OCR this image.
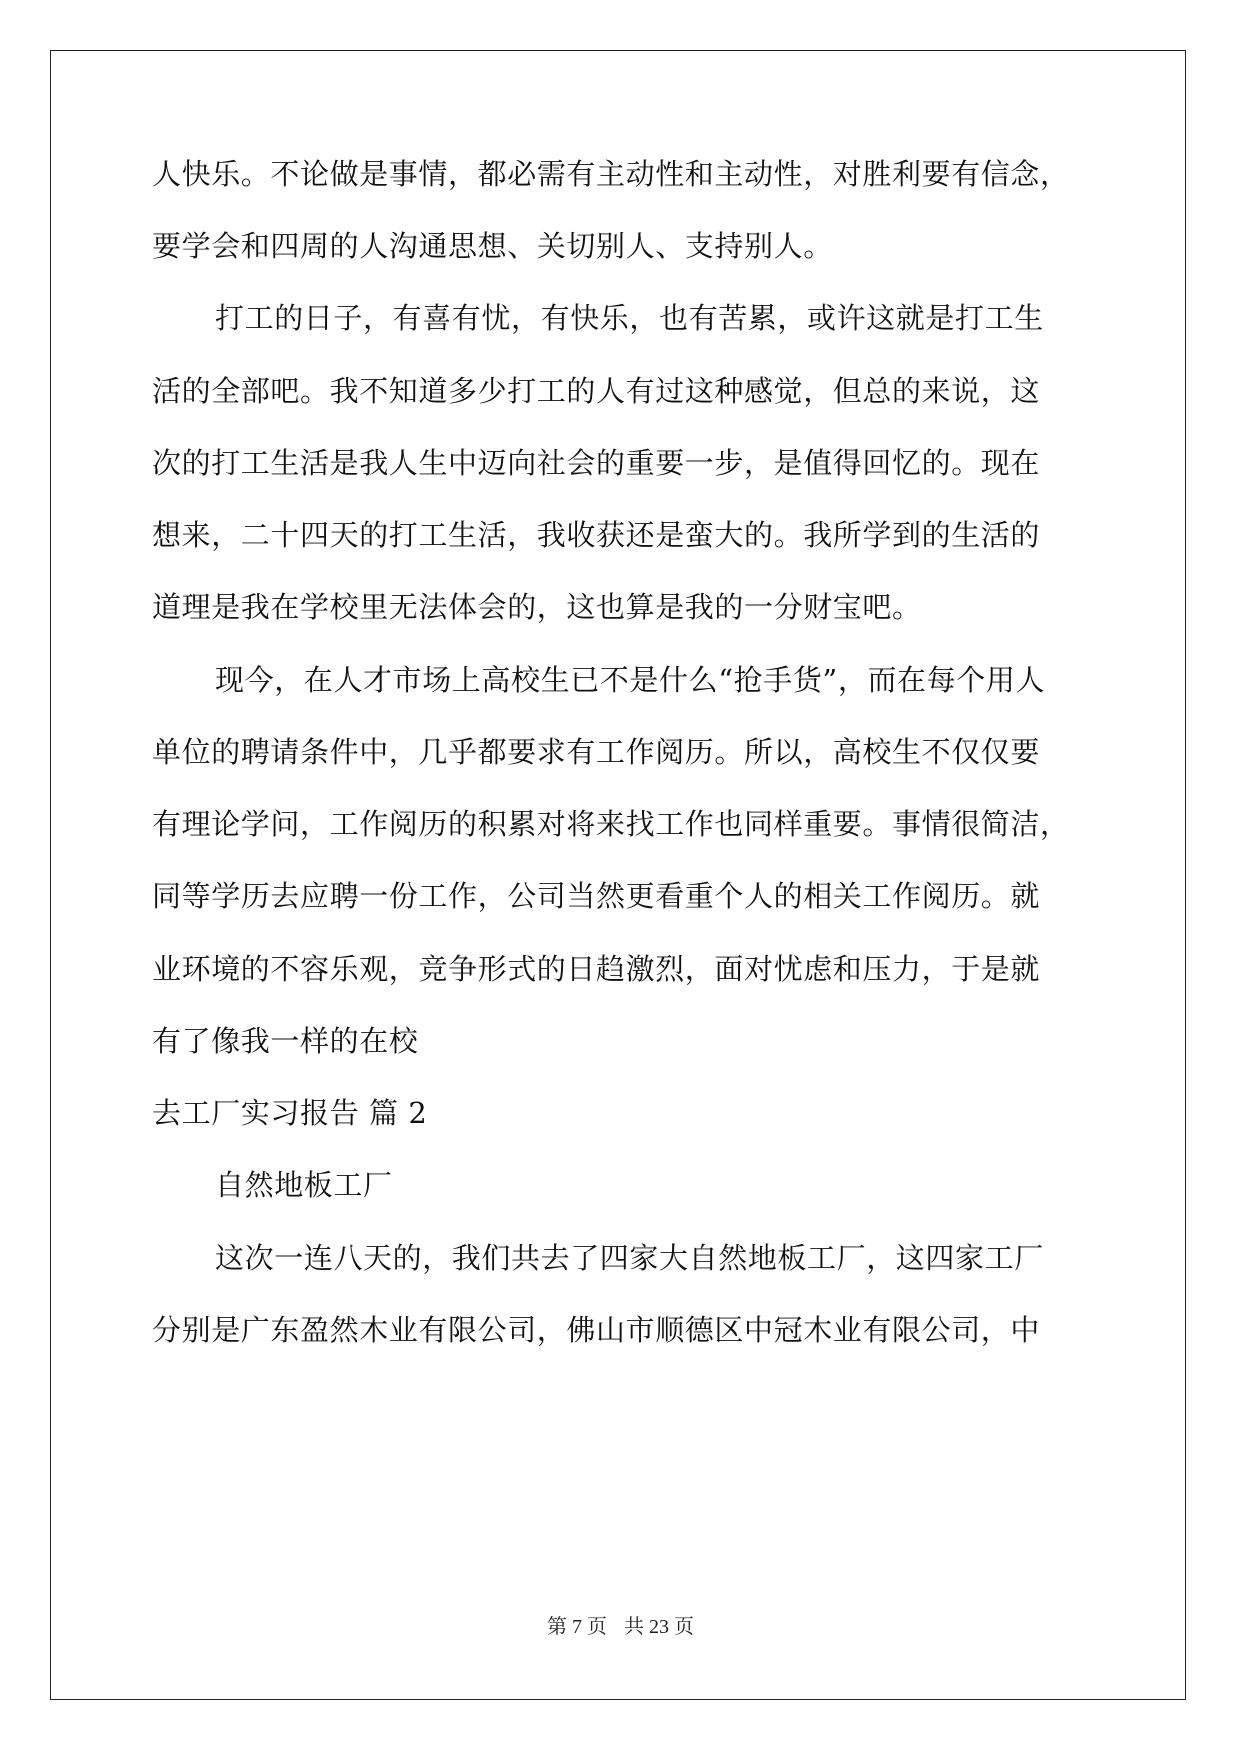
人快乐。不论做是事情，都必需有主动性和主动性，对胜利要有信念，
要学会和四周的人沟通思想、关切别人、支持别人。
打工的日子，有喜有忧，有快乐，也有苦累，或许这就是打工生
活的全部吧。我不知道多少打工的人有过这种感觉，但总的来说，这
次的打工生活是我人生中迈向社会的重要一步，是值得回忆的。现在
想来，二十四天的打工生活，我收获还是蛮大的。我所学到的生活的
道理是我在学校里无法体会的，这也算是我的一分财宝吧。
现今，在人才市场上高校生已不是什么“抢手货”，而在每个用人
单位的聘请条件中，几乎都要求有工作阅历。所以，高校生不仅仅要
有理论学问，工作阅历的积累对将来找工作也同样重要。事情很简洁，
同等学历去应聘一份工作，公司当然更看重个人的相关工作阅历。就
业环境的不容乐观，竞争形式的日趋激烈，面对忧虑和压力，于是就
有了像我一样的在校
去工厂实习报告 篇 2
自然地板工厂
这次一连八天的，我们共去了四家大自然地板工厂，这四家工厂
分别是广东盈然木业有限公司，佛山市顺德区中冠木业有限公司，中
第 7 页 共 23 页
